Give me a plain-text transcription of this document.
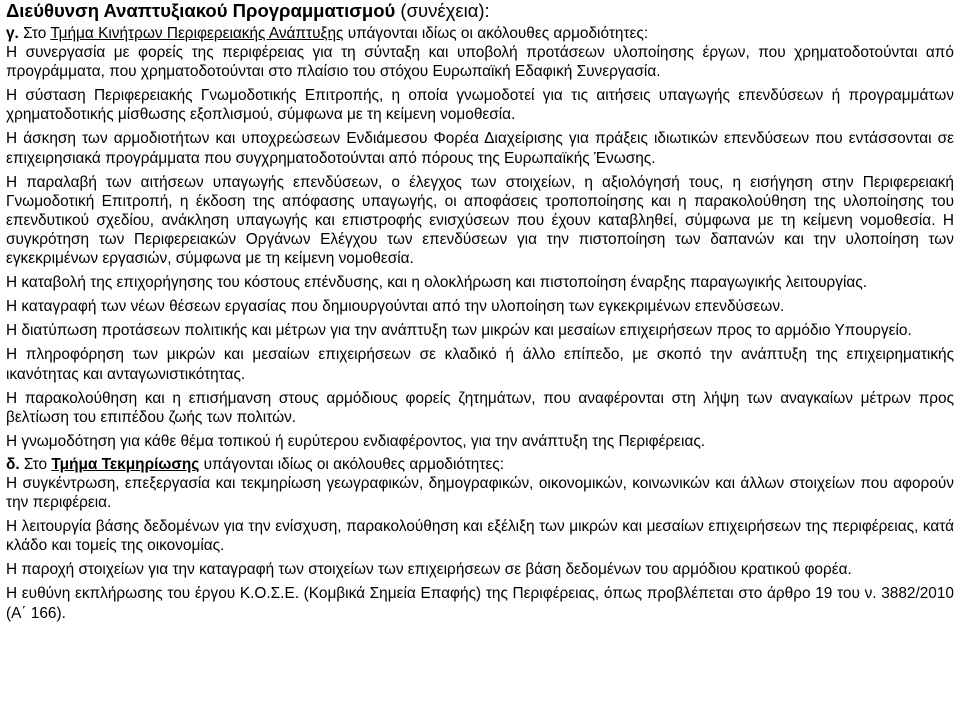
Διεύθυνση Αναπτυξιακού Προγραμματισμού (συνέχεια):

γ. Στο Τμήμα Κινήτρων Περιφερειακής Ανάπτυξης υπάγονται ιδίως οι ακόλουθες αρμοδιότητες:

Η συνεργασία με φορείς της περιφέρειας για τη σύνταξη και υποβολή προτάσεων υλοποίησης έργων, που χρηματοδοτούνται από προγράμματα, που χρηματοδοτούνται στο πλαίσιο του στόχου Ευρωπαϊκή Εδαφική Συνεργασία.

Η σύσταση Περιφερειακής Γνωμοδοτικής Επιτροπής, η οποία γνωμοδοτεί για τις αιτήσεις υπαγωγής επενδύσεων ή προγραμμάτων χρηματοδοτικής μίσθωσης εξοπλισμού, σύμφωνα με τη κείμενη νομοθεσία.

Η άσκηση των αρμοδιοτήτων και υποχρεώσεων Ενδιάμεσου Φορέα Διαχείρισης για πράξεις ιδιωτικών επενδύσεων που εντάσσονται σε επιχειρησιακά προγράμματα που συγχρηματοδοτούνται από πόρους της Ευρωπαϊκής Ένωσης.

Η παραλαβή των αιτήσεων υπαγωγής επενδύσεων, ο έλεγχος των στοιχείων, η αξιολόγησή τους, η εισήγηση στην Περιφερειακή Γνωμοδοτική Επιτροπή, η έκδοση της απόφασης υπαγωγής, οι αποφάσεις τροποποίησης και η παρακολούθηση της υλοποίησης του επενδυτικού σχεδίου, ανάκληση υπαγωγής και επιστροφής ενισχύσεων που έχουν καταβληθεί, σύμφωνα με τη κείμενη νομοθεσία. Η συγκρότηση των Περιφερειακών Οργάνων Ελέγχου των επενδύσεων για την πιστοποίηση των δαπανών και την υλοποίηση των εγκεκριμένων εργασιών, σύμφωνα με τη κείμενη νομοθεσία.

Η καταβολή της επιχορήγησης του κόστους επένδυσης, και η ολοκλήρωση και πιστοποίηση έναρξης παραγωγικής λειτουργίας.

Η καταγραφή των νέων θέσεων εργασίας που δημιουργούνται από την υλοποίηση των εγκεκριμένων επενδύσεων.

Η διατύπωση προτάσεων πολιτικής και μέτρων για την ανάπτυξη των μικρών και μεσαίων επιχειρήσεων προς το αρμόδιο Υπουργείο.

Η πληροφόρηση των μικρών και μεσαίων επιχειρήσεων σε κλαδικό ή άλλο επίπεδο, με σκοπό την ανάπτυξη της επιχειρηματικής ικανότητας και ανταγωνιστικότητας.

Η παρακολούθηση και η επισήμανση στους αρμόδιους φορείς ζητημάτων, που αναφέρονται στη λήψη των αναγκαίων μέτρων προς βελτίωση του επιπέδου ζωής των πολιτών.

Η γνωμοδότηση για κάθε θέμα τοπικού ή ευρύτερου ενδιαφέροντος, για την ανάπτυξη της Περιφέρειας.

δ. Στο Τμήμα Τεκμηρίωσης υπάγονται ιδίως οι ακόλουθες αρμοδιότητες:

Η συγκέντρωση, επεξεργασία και τεκμηρίωση γεωγραφικών, δημογραφικών, οικονομικών, κοινωνικών και άλλων στοιχείων που αφορούν την περιφέρεια.

Η λειτουργία βάσης δεδομένων για την ενίσχυση, παρακολούθηση και εξέλιξη των μικρών και μεσαίων επιχειρήσεων της περιφέρειας, κατά κλάδο και τομείς της οικονομίας.

Η παροχή στοιχείων για την καταγραφή των στοιχείων των επιχειρήσεων σε βάση δεδομένων του αρμόδιου κρατικού φορέα.

Η ευθύνη εκπλήρωσης του έργου Κ.Ο.Σ.Ε. (Κομβικά Σημεία Επαφής) της Περιφέρειας, όπως προβλέπεται στο άρθρο 19 του ν. 3882/2010 (Α΄ 166).
